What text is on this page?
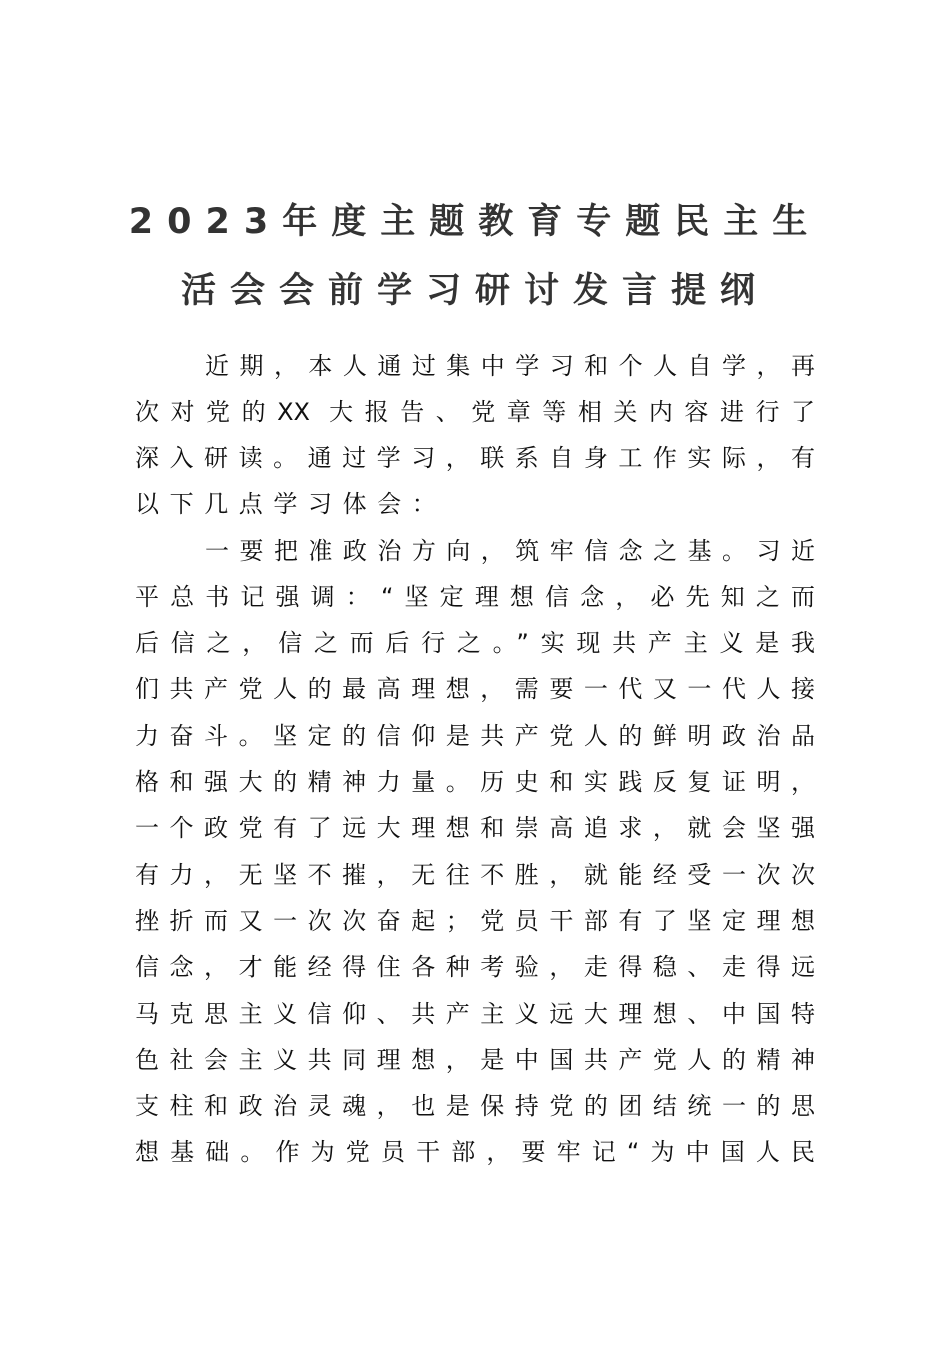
2023年度主题教育专题民主生
活会会前学习研讨发言提纲

近期，本人通过集中学习和个人自学，再

次对党的XX 大报告、党章等相关内容进行了

深入研读。通过学习，联系自身工作实际，有

以下几点学习体会：

一要把准政治方向，筑牢信念之基。习近

平总书记强调：“坚定理想信念，必先知之而

后信之，信之而后行之。”实现共产主义是我

们共产党人的最高理想，需要一代又一代人接

力奋斗。坚定的信仰是共产党人的鲜明政治品

格和强大的精神力量。历史和实践反复证明，

一个政党有了远大理想和崇高追求，就会坚强

有力，无坚不摧，无往不胜，就能经受一次次

挫折而又一次次奋起；党员干部有了坚定理想

信念，才能经得住各种考验，走得稳、走得远

马克思主义信仰、共产主义远大理想、中国特

色社会主义共同理想，是中国共产党人的精神

支柱和政治灵魂，也是保持党的团结统一的思

想基础。作为党员干部，要牢记“为中国人民
